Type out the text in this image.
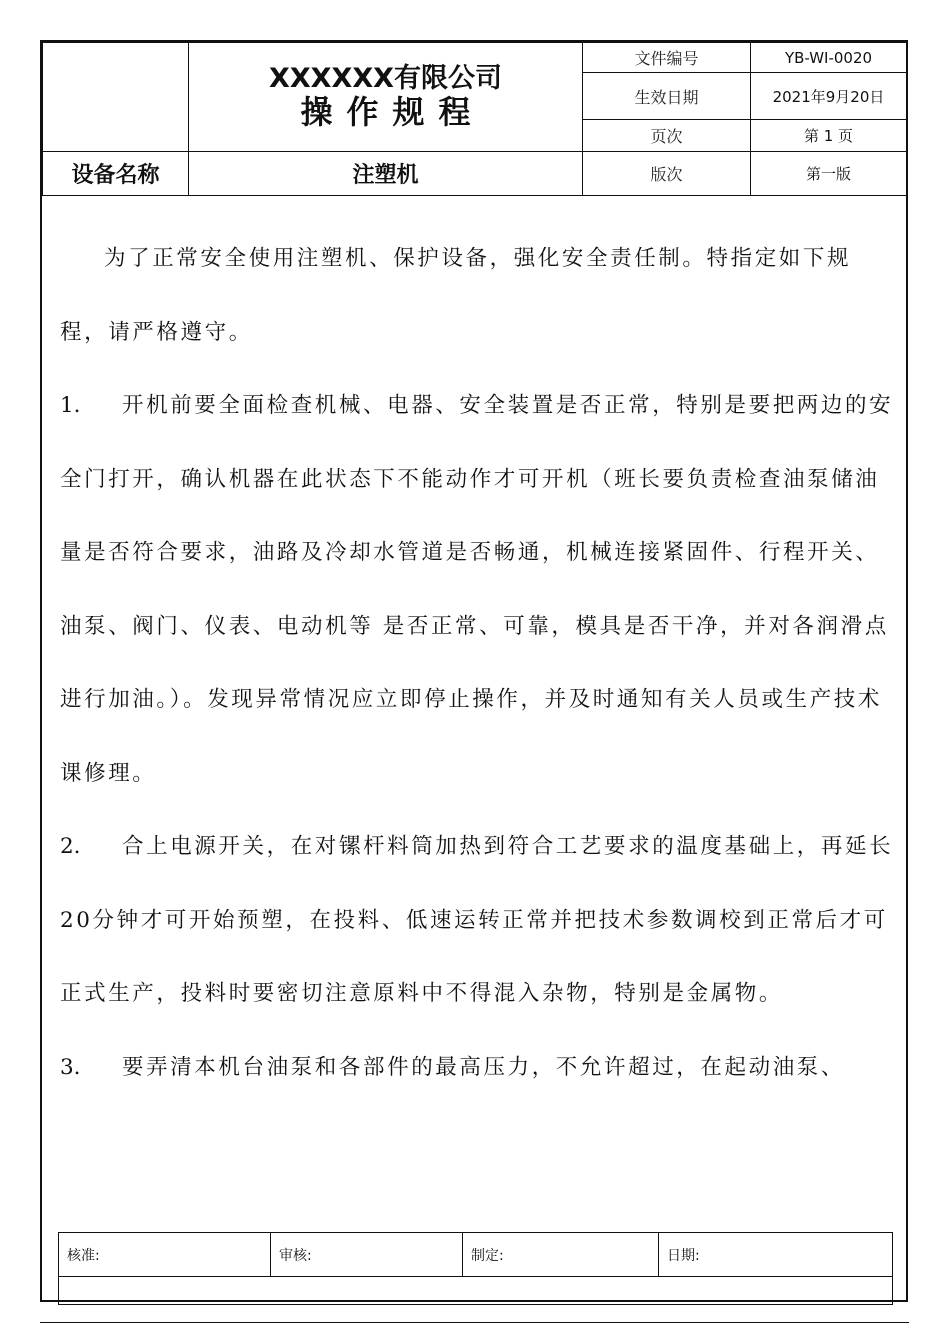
	XXXXXX有限公司
操作规程	文件编号	YB-WI-0020
		生效日期	2021年9月20日
		页次	第 1 页
设备名称	注塑机	版次	第一版

为了正常安全使用注塑机、保护设备，强化安全责任制。特指定如下规程，请严格遵守。

1. 开机前要全面检查机械、电器、安全装置是否正常，特别是要把两边的安全门打开，确认机器在此状态下不能动作才可开机（班长要负责检查油泵储油量是否符合要求，油路及冷却水管道是否畅通，机械连接紧固件、行程开关、油泵、阀门、仪表、电动机等 是否正常、可靠，模具是否干净，并对各润滑点进行加油。）。发现异常情况应立即停止操作，并及时通知有关人员或生产技术课修理。

2. 合上电源开关，在对镙杆料筒加热到符合工艺要求的温度基础上，再延长20分钟才可开始预塑，在投料、低速运转正常并把技术参数调校到正常后才可正式生产，投料时要密切注意原料中不得混入杂物，特别是金属物。

3. 要弄清本机台油泵和各部件的最高压力，不允许超过，在起动油泵、

核准:	审核:	制定:	日期:
